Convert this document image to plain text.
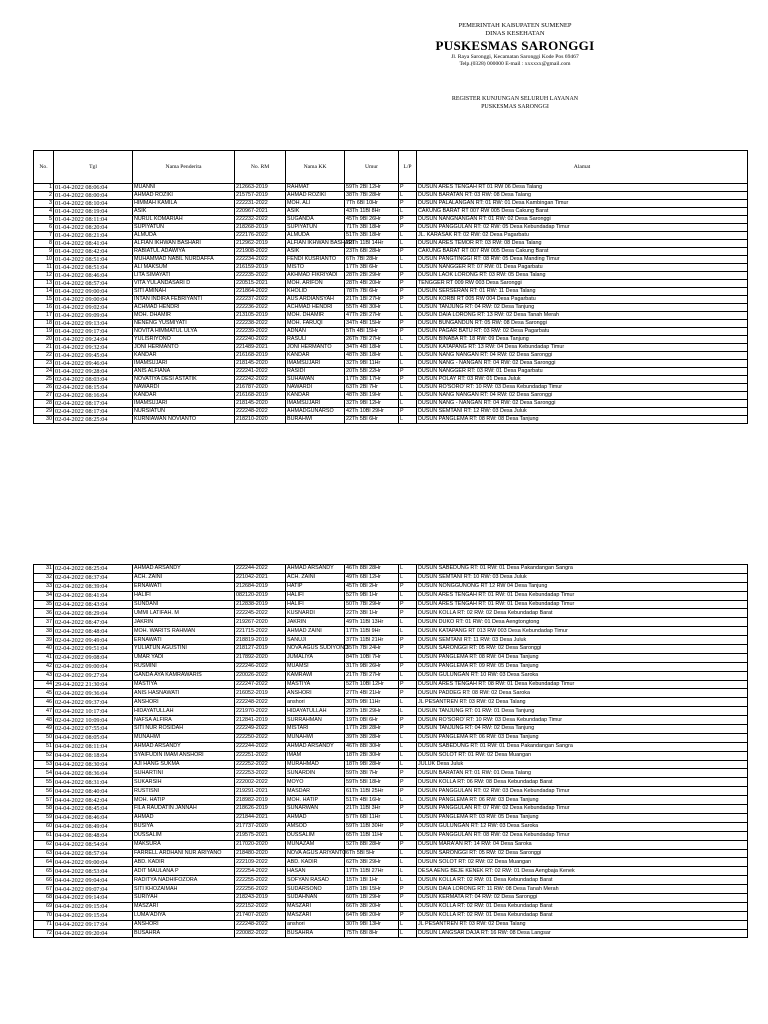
PEMERINTAH KABUPATEN SUMENEP
DINAS KESEHATAN
PUSKESMAS SARONGGI
Jl. Raya Saronggi, Kecamatan Saronggi Kode Pos 69467
Telp.(0328) 000000 E-mail : xxxxxx@gmail.com
REGISTER KUNJUNGAN SELURUH LAYANAN
PUSKESMAS SARONGGI
No.	Tgl	Nama Penderita	No. RM	Nama KK	Umur	L/P	Alamat
1	01-04-2022 08:06:04	MUANNI	212663-2019	RAHMAT	59Th 2Bl 12Hr	P	DUSUN ARES TENGAH RT 01 RW 06 Desa Talang
2	01-04-2022 08:00:04	AHMAD ROZIKI	215757-2019	AHMAD ROZIKI	38Th 7Bl 28Hr	L	DUSUN BARATAN RT: 03 RW: 08 Desa Talang
3	01-04-2022 08:10:04	HIMMAH KAMILA	222231-2022	MOH. ALI	7Th 6Bl 10Hr	P	DUSUN PALALANGAN RT: 01 RW: 01 Desa Kambingan Timur
4	01-04-2022 08:19:04	ASIK	220967-2021	ASIK	43Th 11Bl 8Hr	L	CAKUNG BARAT RT 007 RW 005 Desa Cakung Barat
5	01-04-2022 08:11:04	NURUL KOMARIAH	222232-2022	SUGANDA	45Th 9Bl 26Hr	P	DUSUN NANGNANGAN RT: 01 RW: 02 Desa Saronggi
6	01-04-2022 08:20:04	SUPIYATUN	218268-2019	SUPIYATUN	71Th 3Bl 18Hr	P	DUSUN PANGGULAN RT: 02 RW: 05 Desa Kebundadap Timur
7	01-04-2022 08:21:04	ALMUDA	222176-2022	ALMUDA	51Th 3Bl 18Hr	L	JL. KARASAK RT: 02 RW: 02 Desa Pagarbatu
8	01-04-2022 08:41:04	ALFIAN IKHWAN BASHARI	212962-2019	ALFIAN IKHWAN BASHARI	22Th 11Bl 14Hr	L	DUSUN ARES TEMOR RT: 03 RW: 08 Desa Talang
9	01-04-2022 08:42:04	RABIATUL ADAWIYA	221908-2022	ASIK	23Th 6Bl 28Hr	P	CAKUNG BARAT RT 007 RW 005 Desa Cakung Barat
10	01-04-2022 08:51:04	MUHAMMAD NABIL NURDAFFA	222234-2022	FENDI KUSRIANTO	6Th 7Bl 28Hr	L	DUSUN PANGTINGGI RT: 08 RW: 05 Desa Manding Timur
11	01-04-2022 08:51:04	ALI MAKSUM	216159-2019	MISTO	17Th 3Bl 6Hr	L	DUSUN NANGGER RT: 07 RW: 01 Desa Pagarbatu
12	01-04-2022 08:46:04	LITA SIMAYATI	222235-2022	AKHMAD FIKRIYADI	28Th 2Bl 29Hr	P	DUSUN LAOK LORONG RT: 03 RW: 05 Desa Talang
13	01-04-2022 08:57:04	VITA YULANDASARI D	220515-2021	MOH. ARIFON	28Th 4Bl 20Hr	P	TENGGER RT 009 RW 003 Desa Saronggi
14	01-04-2022 09:00:04	SITI AMINAH	221864-2022	KHOLID	78Th 7Bl 6Hr	P	DUSUN SERSERAN RT: 01 RW: 11 Desa Talang
15	01-04-2022 09:00:04	INTAN INDIRA FEBRIYANTI	222237-2022	AUS ARDIANSYAH	21Th 1Bl 27Hr	P	DUSUN KORBI RT 005 RW 004 Desa Pagarbatu
16	01-04-2022 09:02:04	ACHMAD HENDRI	222236-2022	ACHMAD HENDRI	55Th 4Bl 30Hr	L	DUSUN TANJUNG RT: 04 RW: 02 Desa Tanjung
17	01-04-2022 09:09:04	MOH. DHAMIR	213105-2019	MOH. DHAMIR	47Th 2Bl 27Hr	L	DUSUN DAIA LORONG RT: 13 RW: 02 Desa Tanah Merah
18	01-04-2022 09:13:04	NENENG YUSMIYATI	222238-2022	MOH. FARUQI	34Th 4Bl 15Hr	P	DUSUN BUNGANDUN RT: 05 RW: 08 Desa Saronggi
19	01-04-2022 09:17:04	NOVITA HIMMATUL ULYA	222239-2022	ADNAN	5Th 4Bl 15Hr	P	DUSUN PAGAR BATU RT: 03 RW: 02 Desa Pagarbatu
20	01-04-2022 09:24:04	YULISRIYONO	222240-2022	RASULI	26Th 7Bl 27Hr	L	DUSUN BINABA RT: 18 RW: 09 Desa Tanjung
21	01-04-2022 09:32:04	JONI HERMANTO	221489-2021	JONI HERMANTO	34Th 4Bl 18Hr	L	DUSUN KATAPANG RT: 13 RW: 04 Desa Kebundadap Timur
22	01-04-2022 09:45:04	KANDAR	216168-2019	KANDAR	48Th 3Bl 18Hr	L	DUSUN NANG NANGAN RT: 04 RW: 02 Desa Saronggi
23	01-04-2022 09:46:04	IMAMSUJARI	218145-2020	IMAMSUJARI	32Th 9Bl 11Hr	L	DUSUN NANG - NANGAN RT: 04 RW: 02 Desa Saronggi
24	01-04-2022 09:28:04	ANIS ALFIANA	222241-2022	RASIDI	20Th 5Bl 22Hr	P	DUSUN NANGGER RT: 03 RW: 01 Desa Pagarbatu
25	02-04-2022 08:03:04	NOVATIYA DESI ASTATIK	222242-2022	SUHAWAN	17Th 3Bl 17Hr	P	DUSUN POLAY RT: 03 RW: 01 Desa Juluk
26	02-04-2022 08:15:04	NAWARDI	216787-2020	NAWARDI	63Th 2Bl 7Hr	L	DUSUN RO'SORO' RT: 10 RW: 03 Desa Kebundadap Timur
27	02-04-2022 08:16:04	KANDAR	216168-2019	KANDAR	48Th 3Bl 19Hr	L	DUSUN NANG NANGAN RT: 04 RW: 02 Desa Saronggi
28	02-04-2022 08:17:04	IMAMSUJARI	218145-2020	IMAMSUJARI	32Th 9Bl 12Hr	L	DUSUN NANG - NANGAN RT: 04 RW: 02 Desa Saronggi
29	02-04-2022 08:17:04	NURSIATUN	222248-2022	AHMADGUNARSO	42Th 10Bl 29Hr	P	DUSUN SEMTANI RT: 12 RW: 03 Desa Juluk
30	02-04-2022 08:25:04	KURNIAWAN NOVIANTO	218210-2020	BURAHWI	22Th 5Bl 6Hr	L	DUSUN PANGLEMA RT: 08 RW: 08 Desa Tanjung
31	02-04-2022 08:25:04	AHMAD ARSANDY	222244-2022	AHMAD ARSANDY	46Th 8Bl 28Hr	L	DUSUN SABEDUNG RT: 01 RW: 01 Desa Pakandangan Sangra
32	02-04-2022 08:37:04	ACH. ZAINI	221042-2021	ACH. ZAINI	49Th 6Bl 12Hr	L	DUSUN SEMTANI RT: 10 RW: 03 Desa Juluk
33	02-04-2022 08:39:04	ERNAWATI	212684-2019	HATIP	45Th 0Bl 2Hr	P	DUSUN NONGGUNONG RT 12 RW 04 Desa Tanjung
34	02-04-2022 08:41:04	HALIFI	082120-2019	HALIFI	52Th 9Bl 1Hr	L	DUSUN ARES TENGAH RT: 01 RW: 01 Desa Kebundadap Timur
35	02-04-2022 08:43:04	SUNDANI	212838-2019	HALIFI	50Th 7Bl 29Hr	P	DUSUN ARES TENGAH RT: 01 RW: 01 Desa Kebundadap Timur
36	02-04-2022 08:29:04	UMMI LATIFAH. M	222245-2022	KUSNARDI	22Th 3Bl 1Hr	P	DUSUN KOLLA RT: 02 RW: 02 Desa Kebundadap Barat
37	02-04-2022 08:47:04	JAKRIN	219267-2020	JAKRIN	49Th 11Bl 13Hr	L	DUSUN DUKO RT: 01 RW: 01 Desa Aengtongtong
38	02-04-2022 08:48:04	MOH. WARITS RAHMAN	221715-2022	AHMAD ZAINI	17Th 11Bl 9Hr	L	DUSUN KATAPANG RT 013 RW 003 Desa Kebundadap Timur
39	02-04-2022 09:49:04	ERNAWATI	218819-2019	SANUJI	37Th 11Bl 21Hr	P	DUSUN SEMTANI RT: 11 RW: 03 Desa Juluk
40	02-04-2022 09:51:04	YULIATUN AGUSTINI	218127-2019	NOVA AGUS SUDIYONO	35Th 7Bl 24Hr	P	DUSUN SARONGGI RT: 05 RW: 02 Desa Saronggi
41	02-04-2022 09:08:04	UMAR YADI	217892-2020	JUMALIYA	84Th 10Bl 7Hr	L	DUSUN PANGLEMA RT: 08 RW: 04 Desa Tanjung
42	02-04-2022 09:00:04	RUSMINI	222246-2022	MUAMSI	31Th 9Bl 26Hr	P	DUSUN PANGLEMA RT: 09 RW: 05 Desa Tanjung
43	02-04-2022 09:27:04	GANDA AYA KAMRAWARIS	220026-2022	KAMRAWI	21Th 7Bl 27Hr	L	DUSUN GULUNGAN RT: 10 RW: 03 Desa Saroka
44	29-04-2022 21:30:04	MASTIYA	222247-2022	MASTIYA	52Th 10Bl 12Hr	P	DUSUN ARES TENGAH RT: 08 RW: 01 Desa Kebundadap Timur
45	02-04-2022 09:36:04	ANIS HASNAWATI	216052-2019	ANSHORI	27Th 4Bl 21Hr	P	DUSUN PADDEG RT: 08 RW: 02 Desa Saroka
46	02-04-2022 09:37:04	ANSHORI	222248-2022	anshori	30Th 9Bl 11Hr	L	JL PESANTREN RT: 03 RW: 02 Desa Talang
47	02-04-2022 10:17:04	HIDAYATULLAH	221970-2022	HIDAYATULLAH	29Th 1Bl 29Hr	L	DUSUN TANJUNG RT: 01 RW: 01 Desa Tanjung
48	02-04-2022 10:09:04	NAFSA ALFIRA	212841-2019	SURRAHMAN	19Th 0Bl 6Hr	P	DUSUN RO'SORO' RT: 10 RW: 03 Desa Kebundadap Timur
49	02-04-2022 07:55:04	SITI NUR ROSIDAH	222249-2022	MISTARI	17Th 2Bl 28Hr	P	DUSUN TANJUNG RT: 04 RW: 02 Desa Tanjung
50	04-04-2022 08:05:04	MUNAHWI	222250-2022	MUNAHWI	39Th 3Bl 28Hr	L	DUSUN PANGLEMA RT: 06 RW: 03 Desa Tanjung
51	04-04-2022 08:11:04	AHMAD ARSANDY	222244-2022	AHMAD ARSANDY	46Th 8Bl 30Hr	L	DUSUN SABEDUNG RT: 01 RW: 01 Desa Pakandangan Sangra
52	04-04-2022 08:18:04	SYAIFUDIN IMAM ANSHORI	222251-2022	IMAM	18Th 2Bl 30Hr	L	DUSUN SOLOT RT: 01 RW: 02 Desa Muangan
53	04-04-2022 08:30:04	AJI HANG SUKMA	222252-2022	MURAHMAD	18Th 9Bl 28Hr	L	JULUK Desa Juluk
54	04-04-2022 08:36:04	SUHARTINI	222253-2022	SUNARDIN	59Th 3Bl 7Hr	P	DUSUN BARATAN RT: 01 RW: 01 Desa Talang
55	04-04-2022 08:31:04	SUKARSIH	222002-2022	MOYO	59Th 5Bl 18Hr	P	DUSUN KOLLA RT: 06 RW: 08 Desa Kebundadap Barat
56	04-04-2022 08:40:04	RUSTISNI	219291-2021	MASDAR	61Th 11Bl 25Hr	P	DUSUN PANGGULAN RT: 02 RW: 03 Desa Kebundadap Timur
57	04-04-2022 08:42:04	MOH. HATIP	218982-2019	MOH. HATIP	51Th 4Bl 16Hr	L	DUSUN PANGLEMA RT: 06 RW: 03 Desa Tanjung
58	04-04-2022 08:45:04	FILA RAUDATIN JANNAH	218626-2019	SUNARWAN	21Th 11Bl 3Hr	P	DUSUN PANGGULAN RT: 07 RW: 02 Desa Kebundadap Timur
59	04-04-2022 08:46:04	AHMAD	221844-2021	AHMAD	57Th 6Bl 11Hr	L	DUSUN PANGLEMA RT: 03 RW: 05 Desa Tanjung
60	04-04-2022 08:49:04	BUSIYA	217737-2020	AMSOD	59Th 11Bl 30Hr	P	DUSUN GULUNGAN RT: 12 RW: 03 Desa Saroka
61	04-04-2022 08:48:04	DUSSALIM	219575-2021	DUSSALIM	65Th 11Bl 11Hr	L	DUSUN PANGGULAN RT: 08 RW: 02 Desa Kebundadap Timur
62	04-04-2022 08:54:04	MAKSURA	217020-2020	MUNAZAM	52Th 8Bl 28Hr	P	DUSUN MARA'AN RT: 14 RW: 04 Desa Saroka
63	04-04-2022 08:57:04	FARRELL ARDHANI NUR ARIYANO	218480-2020	NOVA AGUS ARIYANTO	6Th 5Bl 5Hr	L	DUSUN SARONGGI RT: 05 RW: 02 Desa Saronggi
64	04-04-2022 09:00:04	ABD. KADIR	222109-2022	ABD. KADIR	62Th 3Bl 29Hr	L	DUSUN SOLOT RT: 02 RW: 02 Desa Muangan
65	04-04-2022 08:53:04	ADIT MAULANA P	222254-2022	HASAN	17Th 11Bl 27Hr	L	DESA AENG BEJE KENEK RT: 02 RW: 01 Desa Aengbaja Kenek
66	04-04-2022 09:04:04	RADITYA NADHIFOZORA	222255-2022	SOFYAN RASAD	15Th 1Bl 1Hr	L	DUSUN KOLLA RT: 02 RW: 01 Desa Kebundadap Barat
67	04-04-2022 09:07:04	SITI KHOZAIMAH	222256-2022	SUDARSONO	18Th 1Bl 15Hr	P	DUSUN DAIA LORONG RT: 11 RW: 08 Desa Tanah Merah
68	04-04-2022 09:14:04	SURIYAH	218243-2019	SUDAHNAN	60Th 1Bl 29Hr	P	DUSUN KERMATA RT: 04 RW: 02 Desa Saronggi
69	04-04-2022 09:15:04	MASZARI	222152-2022	MASZARI	66Th 3Bl 20Hr	L	DUSUN KOLLA RT: 02 RW: 01 Desa Kebundadap Barat
70	04-04-2022 09:15:04	LUMA'ADIYA	217407-2020	MASZARI	64Th 9Bl 20Hr	P	DUSUN KOLLA RT: 02 RW: 01 Desa Kebundadap Barat
71	04-04-2022 09:17:04	ANSHORI	222248-2022	anshori	30Th 9Bl 13Hr	L	JL PESANTREN RT: 03 RW: 02 Desa Talang
72	04-04-2022 09:20:04	BUSAHRA	220082-2022	BUSAHRA	75Th 6Bl 8Hr	L	DUSUN LANGSAR DAJA RT: 16 RW: 08 Desa Langsar
